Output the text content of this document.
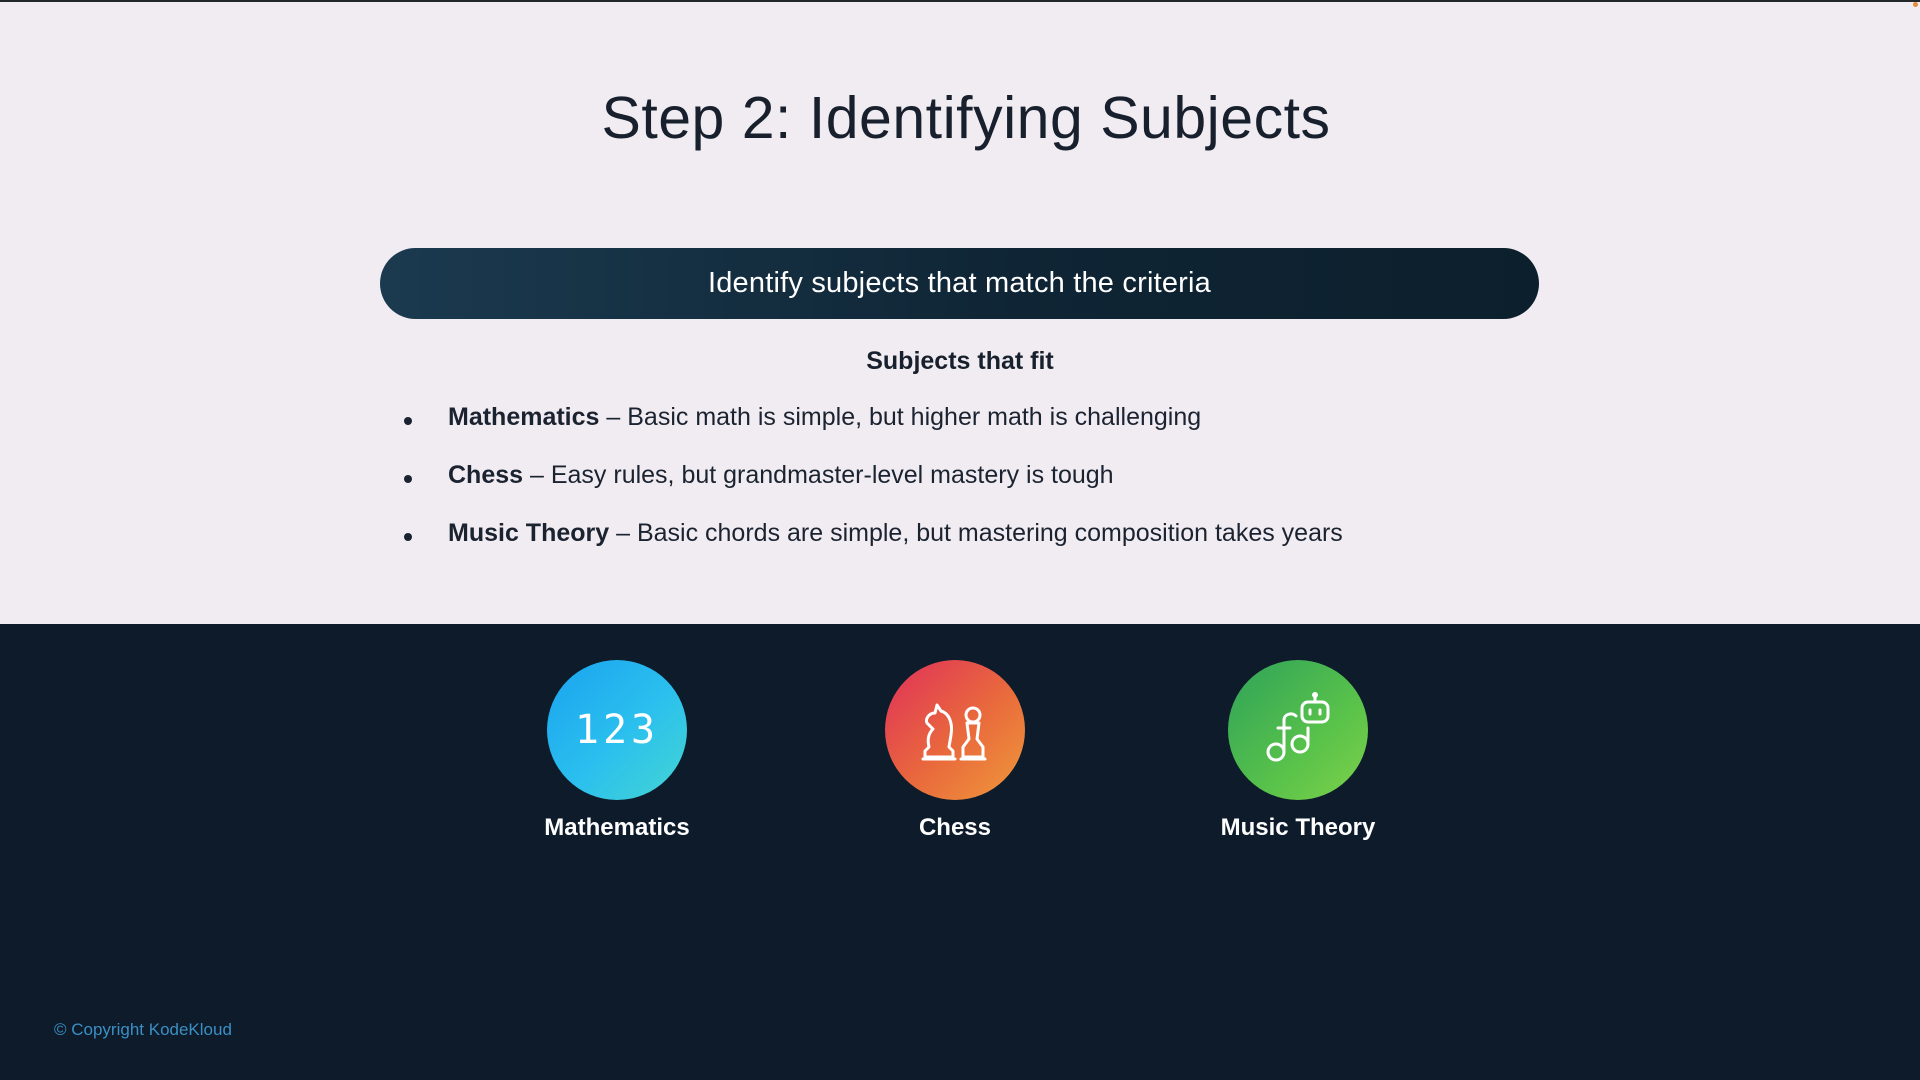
Step 2: Identifying Subjects
Identify subjects that match the criteria
Subjects that fit
Mathematics – Basic math is simple, but higher math is challenging
Chess – Easy rules, but grandmaster-level mastery is tough
Music Theory – Basic chords are simple, but mastering composition takes years
123
Mathematics	Chess	Music Theory
© Copyright KodeKloud
